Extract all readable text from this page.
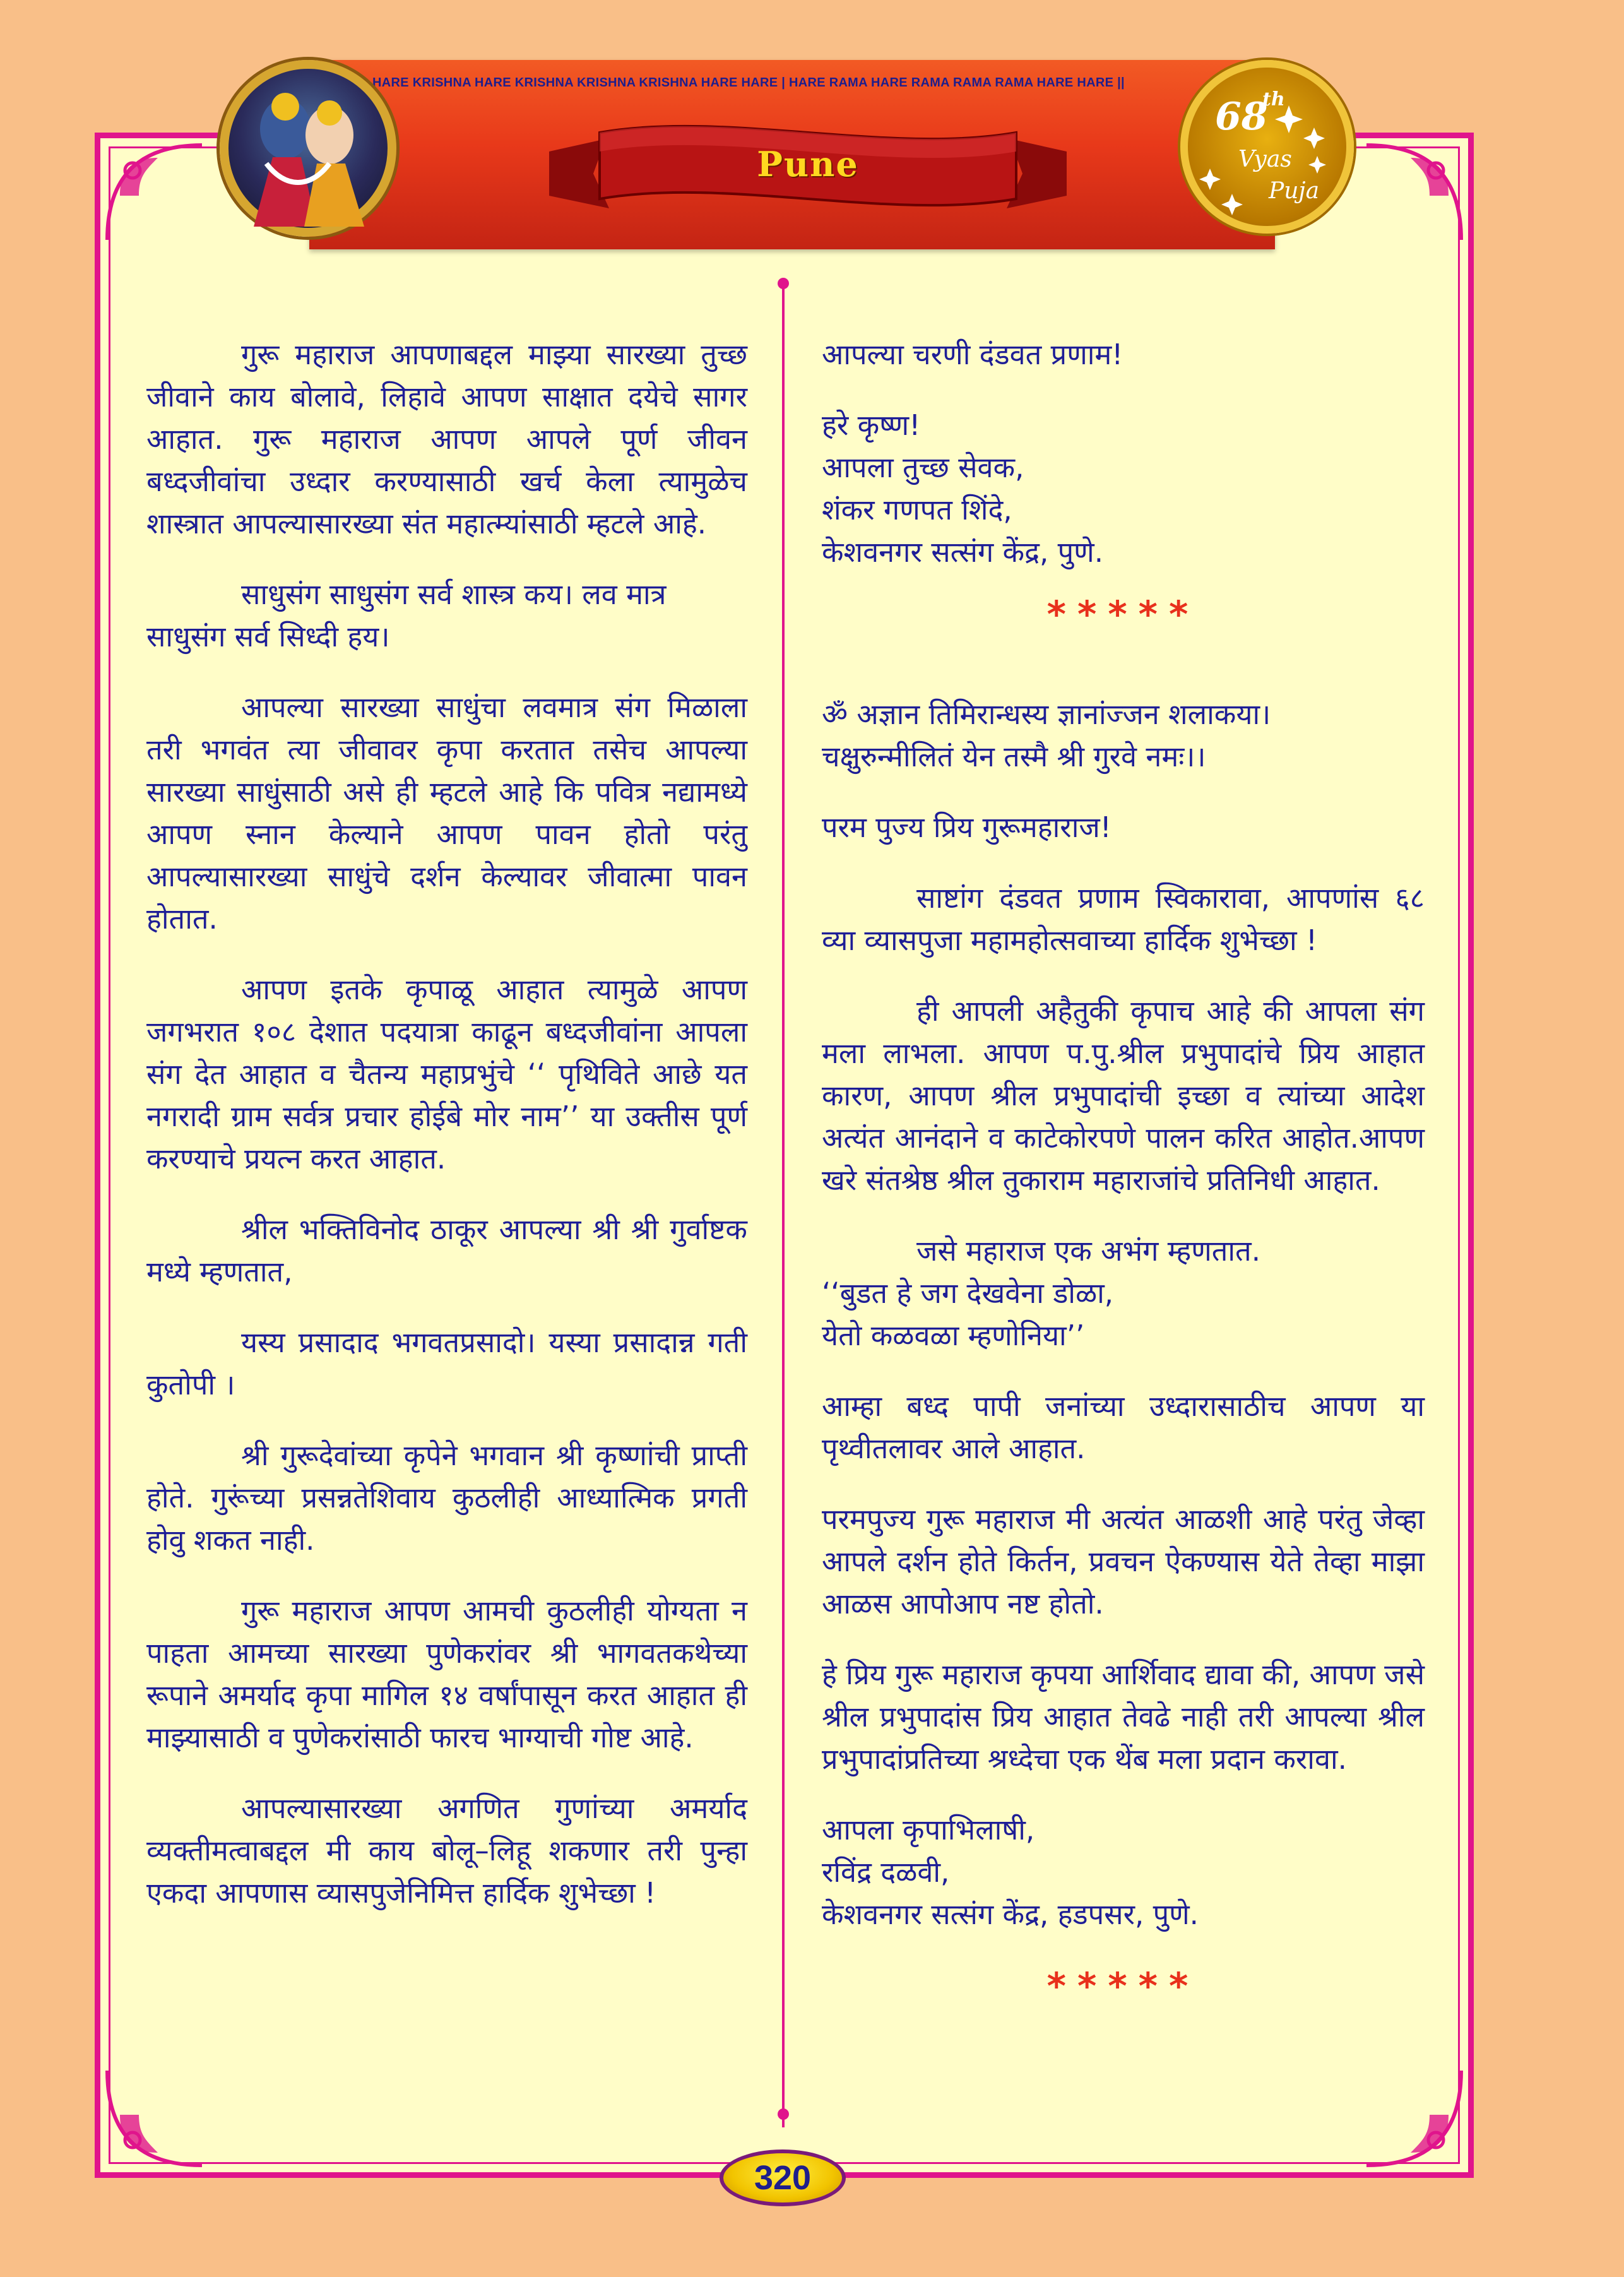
HARE KRISHNA HARE KRISHNA KRISHNA KRISHNA HARE HARE | HARE RAMA HARE RAMA RAMA RAMA HARE HARE ||
Pune
68
th
Vyas
Puja

गुरू महाराज आपणाबद्दल माझ्या सारख्या तुच्छ जीवाने काय बोलावे, लिहावे आपण साक्षात दयेचे सागर आहात. गुरू महाराज आपण आपले पूर्ण जीवन बध्दजीवांचा उध्दार करण्यासाठी खर्च केला त्यामुळेच शास्त्रात आपल्यासारख्या संत महात्म्यांसाठी म्हटले आहे.

साधुसंग साधुसंग सर्व शास्त्र कय। लव मात्र साधुसंग सर्व सिध्दी हय।

आपल्या सारख्या साधुंचा लवमात्र संग मिळाला तरी भगवंत त्या जीवावर कृपा करतात तसेच आपल्या सारख्या साधुंसाठी असे ही म्हटले आहे कि पवित्र नद्यामध्ये आपण स्नान केल्याने आपण पावन होतो परंतु आपल्यासारख्या साधुंचे दर्शन केल्यावर जीवात्मा पावन होतात.

आपण इतके कृपाळू आहात त्यामुळे आपण जगभरात १०८ देशात पदयात्रा काढून बध्दजीवांना आपला संग देत आहात व चैतन्य महाप्रभुंचे ‘‘ पृथिविते आछे यत नगरादी ग्राम सर्वत्र प्रचार होईबे मोर नाम’’ या उक्तीस पूर्ण करण्याचे प्रयत्न करत आहात.

श्रील भक्तिविनोद ठाकूर आपल्या श्री श्री गुर्वाष्टक मध्ये म्हणतात,

यस्य प्रसादाद भगवतप्रसादो। यस्या प्रसादान्न गती कुतोपी ।

श्री गुरूदेवांच्या कृपेने भगवान श्री कृष्णांची प्राप्ती होते. गुरूंच्या प्रसन्नतेशिवाय कुठलीही आध्यात्मिक प्रगती होवु शकत नाही.

गुरू महाराज आपण आमची कुठलीही योग्यता न पाहता आमच्या सारख्या पुणेकरांवर श्री भागवतकथेच्या रूपाने अमर्याद कृपा मागिल १४ वर्षांपासून करत आहात ही माझ्यासाठी व पुणेकरांसाठी फारच भाग्याची गोष्ट आहे.

आपल्यासारख्या अगणित गुणांच्या अमर्याद व्यक्तीमत्वाबद्दल मी काय बोलू–लिहू शकणार तरी पुन्हा एकदा आपणास व्यासपुजेनिमित्त हार्दिक शुभेच्छा !

आपल्या चरणी दंडवत प्रणाम!

हरे कृष्ण!
आपला तुच्छ सेवक,
शंकर गणपत शिंदे,
केशवनगर सत्संग केंद्र, पुणे.
*****
ॐ अज्ञान तिमिरान्धस्य ज्ञानांज्जन शलाकया।
चक्षुरुन्मीलितं येन तस्मै श्री गुरवे नमः।।

परम पुज्य प्रिय गुरूमहाराज!

साष्टांग दंडवत प्रणाम स्विकारावा, आपणांस ६८ व्या व्यासपुजा महामहोत्सवाच्या हार्दिक शुभेच्छा !

ही आपली अहैतुकी कृपाच आहे की आपला संग मला लाभला. आपण प.पु.श्रील प्रभुपादांचे प्रिय आहात कारण, आपण श्रील प्रभुपादांची इच्छा व त्यांच्या आदेश अत्यंत आनंदाने व काटेकोरपणे पालन करित आहोत.आपण खरे संतश्रेष्ठ श्रील तुकाराम महाराजांचे प्रतिनिधी आहात.

जसे महाराज एक अभंग म्हणतात.
‘‘बुडत हे जग देखवेना डोळा,
येतो कळवळा म्हणोनिया’’

आम्हा बध्द पापी जनांच्या उध्दारासाठीच आपण या पृथ्वीतलावर आले आहात.

परमपुज्य गुरू महाराज मी अत्यंत आळशी आहे परंतु जेव्हा आपले दर्शन होते किर्तन, प्रवचन ऐकण्यास येते तेव्हा माझा आळस आपोआप नष्ट होतो.

हे प्रिय गुरू महाराज कृपया आर्शिवाद द्यावा की, आपण जसे श्रील प्रभुपादांस प्रिय आहात तेवढे नाही तरी आपल्या श्रील प्रभुपादांप्रतिच्या श्रध्देचा एक थेंब मला प्रदान करावा.

आपला कृपाभिलाषी,
रविंद्र दळवी,
केशवनगर सत्संग केंद्र, हडपसर, पुणे.
*****
320
